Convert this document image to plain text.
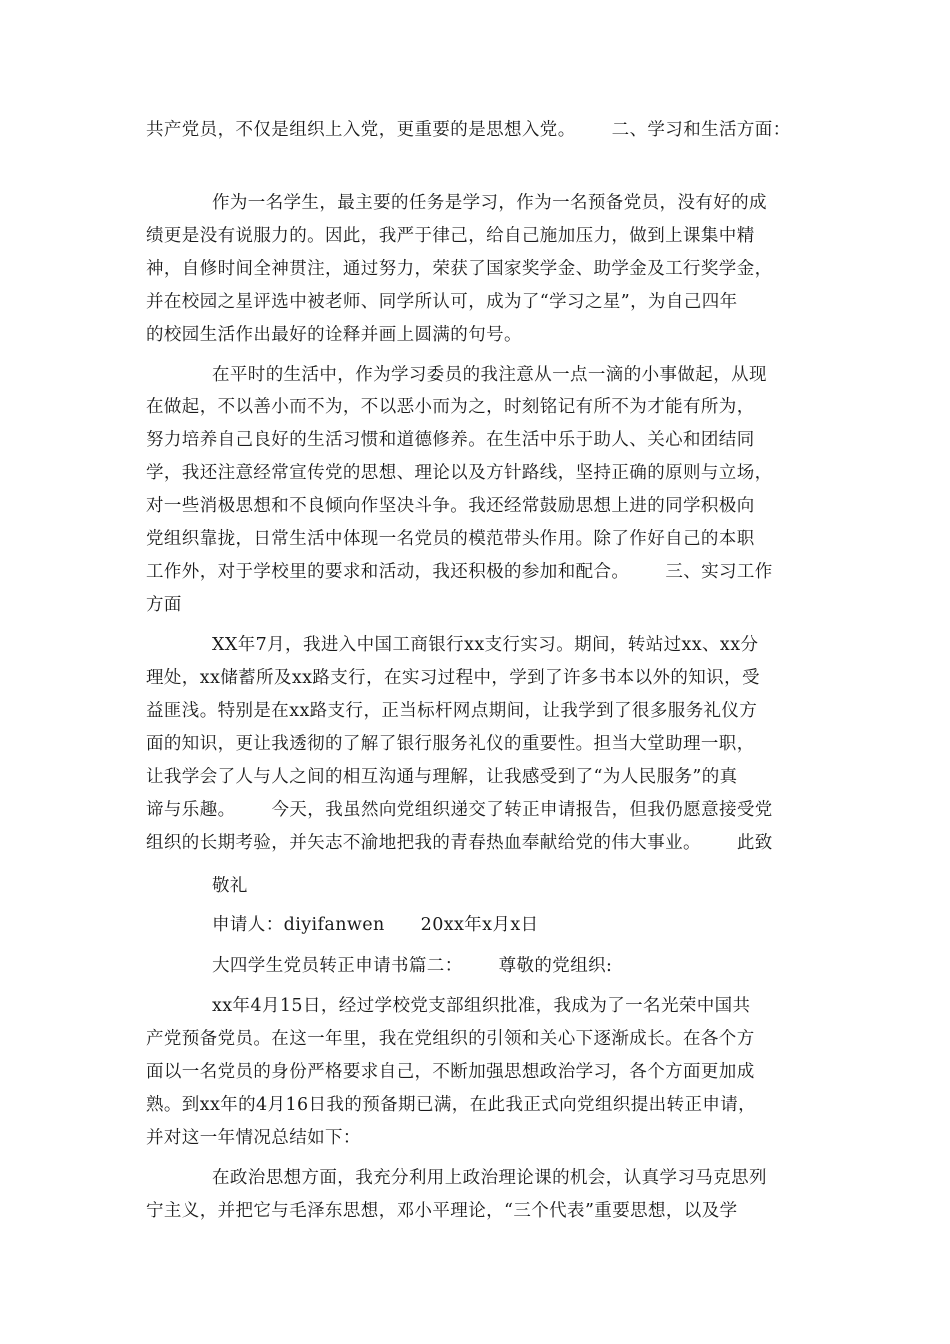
共产党员，不仅是组织上入党，更重要的是思想入党。 二、学习和生活方面：
作为一名学生，最主要的任务是学习，作为一名预备党员，没有好的成
绩更是没有说服力的。因此，我严于律己，给自己施加压力，做到上课集中精
神，自修时间全神贯注，通过努力，荣获了国家奖学金、助学金及工行奖学金，
并在校园之星评选中被老师、同学所认可，成为了“学习之星”，为自己四年
的校园生活作出最好的诠释并画上圆满的句号。
在平时的生活中，作为学习委员的我注意从一点一滴的小事做起，从现
在做起，不以善小而不为，不以恶小而为之，时刻铭记有所不为才能有所为，
努力培养自己良好的生活习惯和道德修养。在生活中乐于助人、关心和团结同
学，我还注意经常宣传党的思想、理论以及方针路线，坚持正确的原则与立场，
对一些消极思想和不良倾向作坚决斗争。我还经常鼓励思想上进的同学积极向
党组织靠拢，日常生活中体现一名党员的模范带头作用。除了作好自己的本职
工作外，对于学校里的要求和活动，我还积极的参加和配合。 三、实习工作
方面
XX年7月，我进入中国工商银行xx支行实习。期间，转站过xx、xx分
理处，xx储蓄所及xx路支行，在实习过程中，学到了许多书本以外的知识，受
益匪浅。特别是在xx路支行，正当标杆网点期间，让我学到了很多服务礼仪方
面的知识，更让我透彻的了解了银行服务礼仪的重要性。担当大堂助理一职，
让我学会了人与人之间的相互沟通与理解，让我感受到了“为人民服务”的真
谛与乐趣。 今天，我虽然向党组织递交了转正申请报告，但我仍愿意接受党
组织的长期考验，并矢志不渝地把我的青春热血奉献给党的伟大事业。 此致
敬礼
申请人：diyifanwen 20xx年x月x日
大四学生党员转正申请书篇二： 尊敬的党组织:
xx年4月15日，经过学校党支部组织批准，我成为了一名光荣中国共
产党预备党员。在这一年里，我在党组织的引领和关心下逐渐成长。在各个方
面以一名党员的身份严格要求自己，不断加强思想政治学习，各个方面更加成
熟。到xx年的4月16日我的预备期已满，在此我正式向党组织提出转正申请，
并对这一年情况总结如下：
在政治思想方面，我充分利用上政治理论课的机会，认真学习马克思列
宁主义，并把它与毛泽东思想，邓小平理论，“三个代表”重要思想，以及学
